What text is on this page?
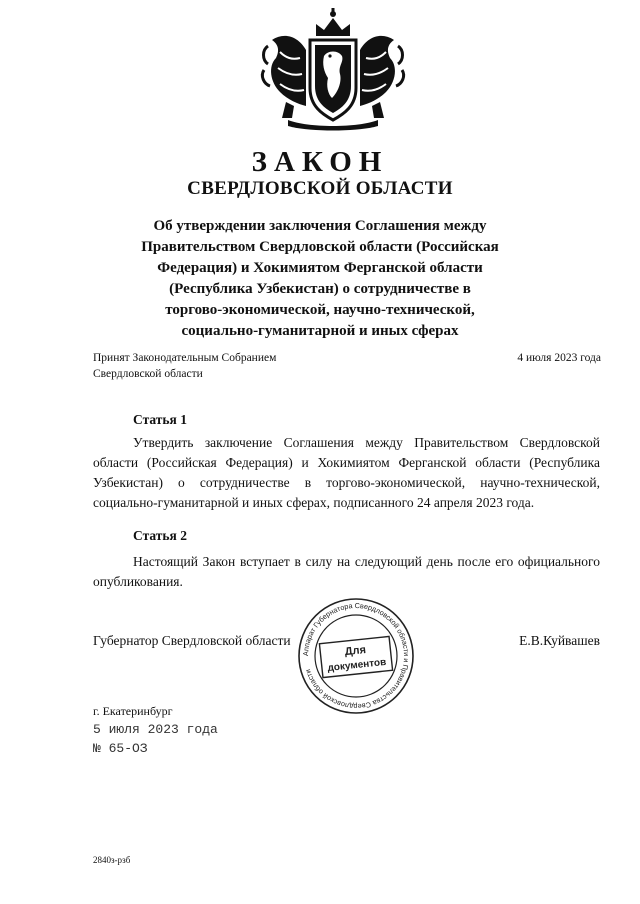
ЗАКОН
СВЕРДЛОВСКОЙ ОБЛАСТИ
Об утверждении заключения Соглашения между
Правительством Свердловской области (Российская
Федерация) и Хокимиятом Ферганской области
(Республика Узбекистан) о сотрудничестве в
торгово-экономической, научно-технической,
социально-гуманитарной и иных сферах
Принят Законодательным Собранием
Свердловской области
4 июля 2023 года
Статья 1
Утвердить заключение Соглашения между Правительством Свердловской области (Российская Федерация) и Хокимиятом Ферганской области (Республика Узбекистан) о сотрудничестве в торгово-экономической, научно-технической, социально-гуманитарной и иных сферах, подписанного 24 апреля 2023 года.
Статья 2
Настоящий Закон вступает в силу на следующий день после его официального опубликования.
Губернатор Свердловской области	Е.В.Куйвашев
Аппарат Губернатора Свердловской области и Правительства Свердловской области
Для
документов
г. Екатеринбург
5 июля 2023 года
№ 65-ОЗ
2840з-рзб
